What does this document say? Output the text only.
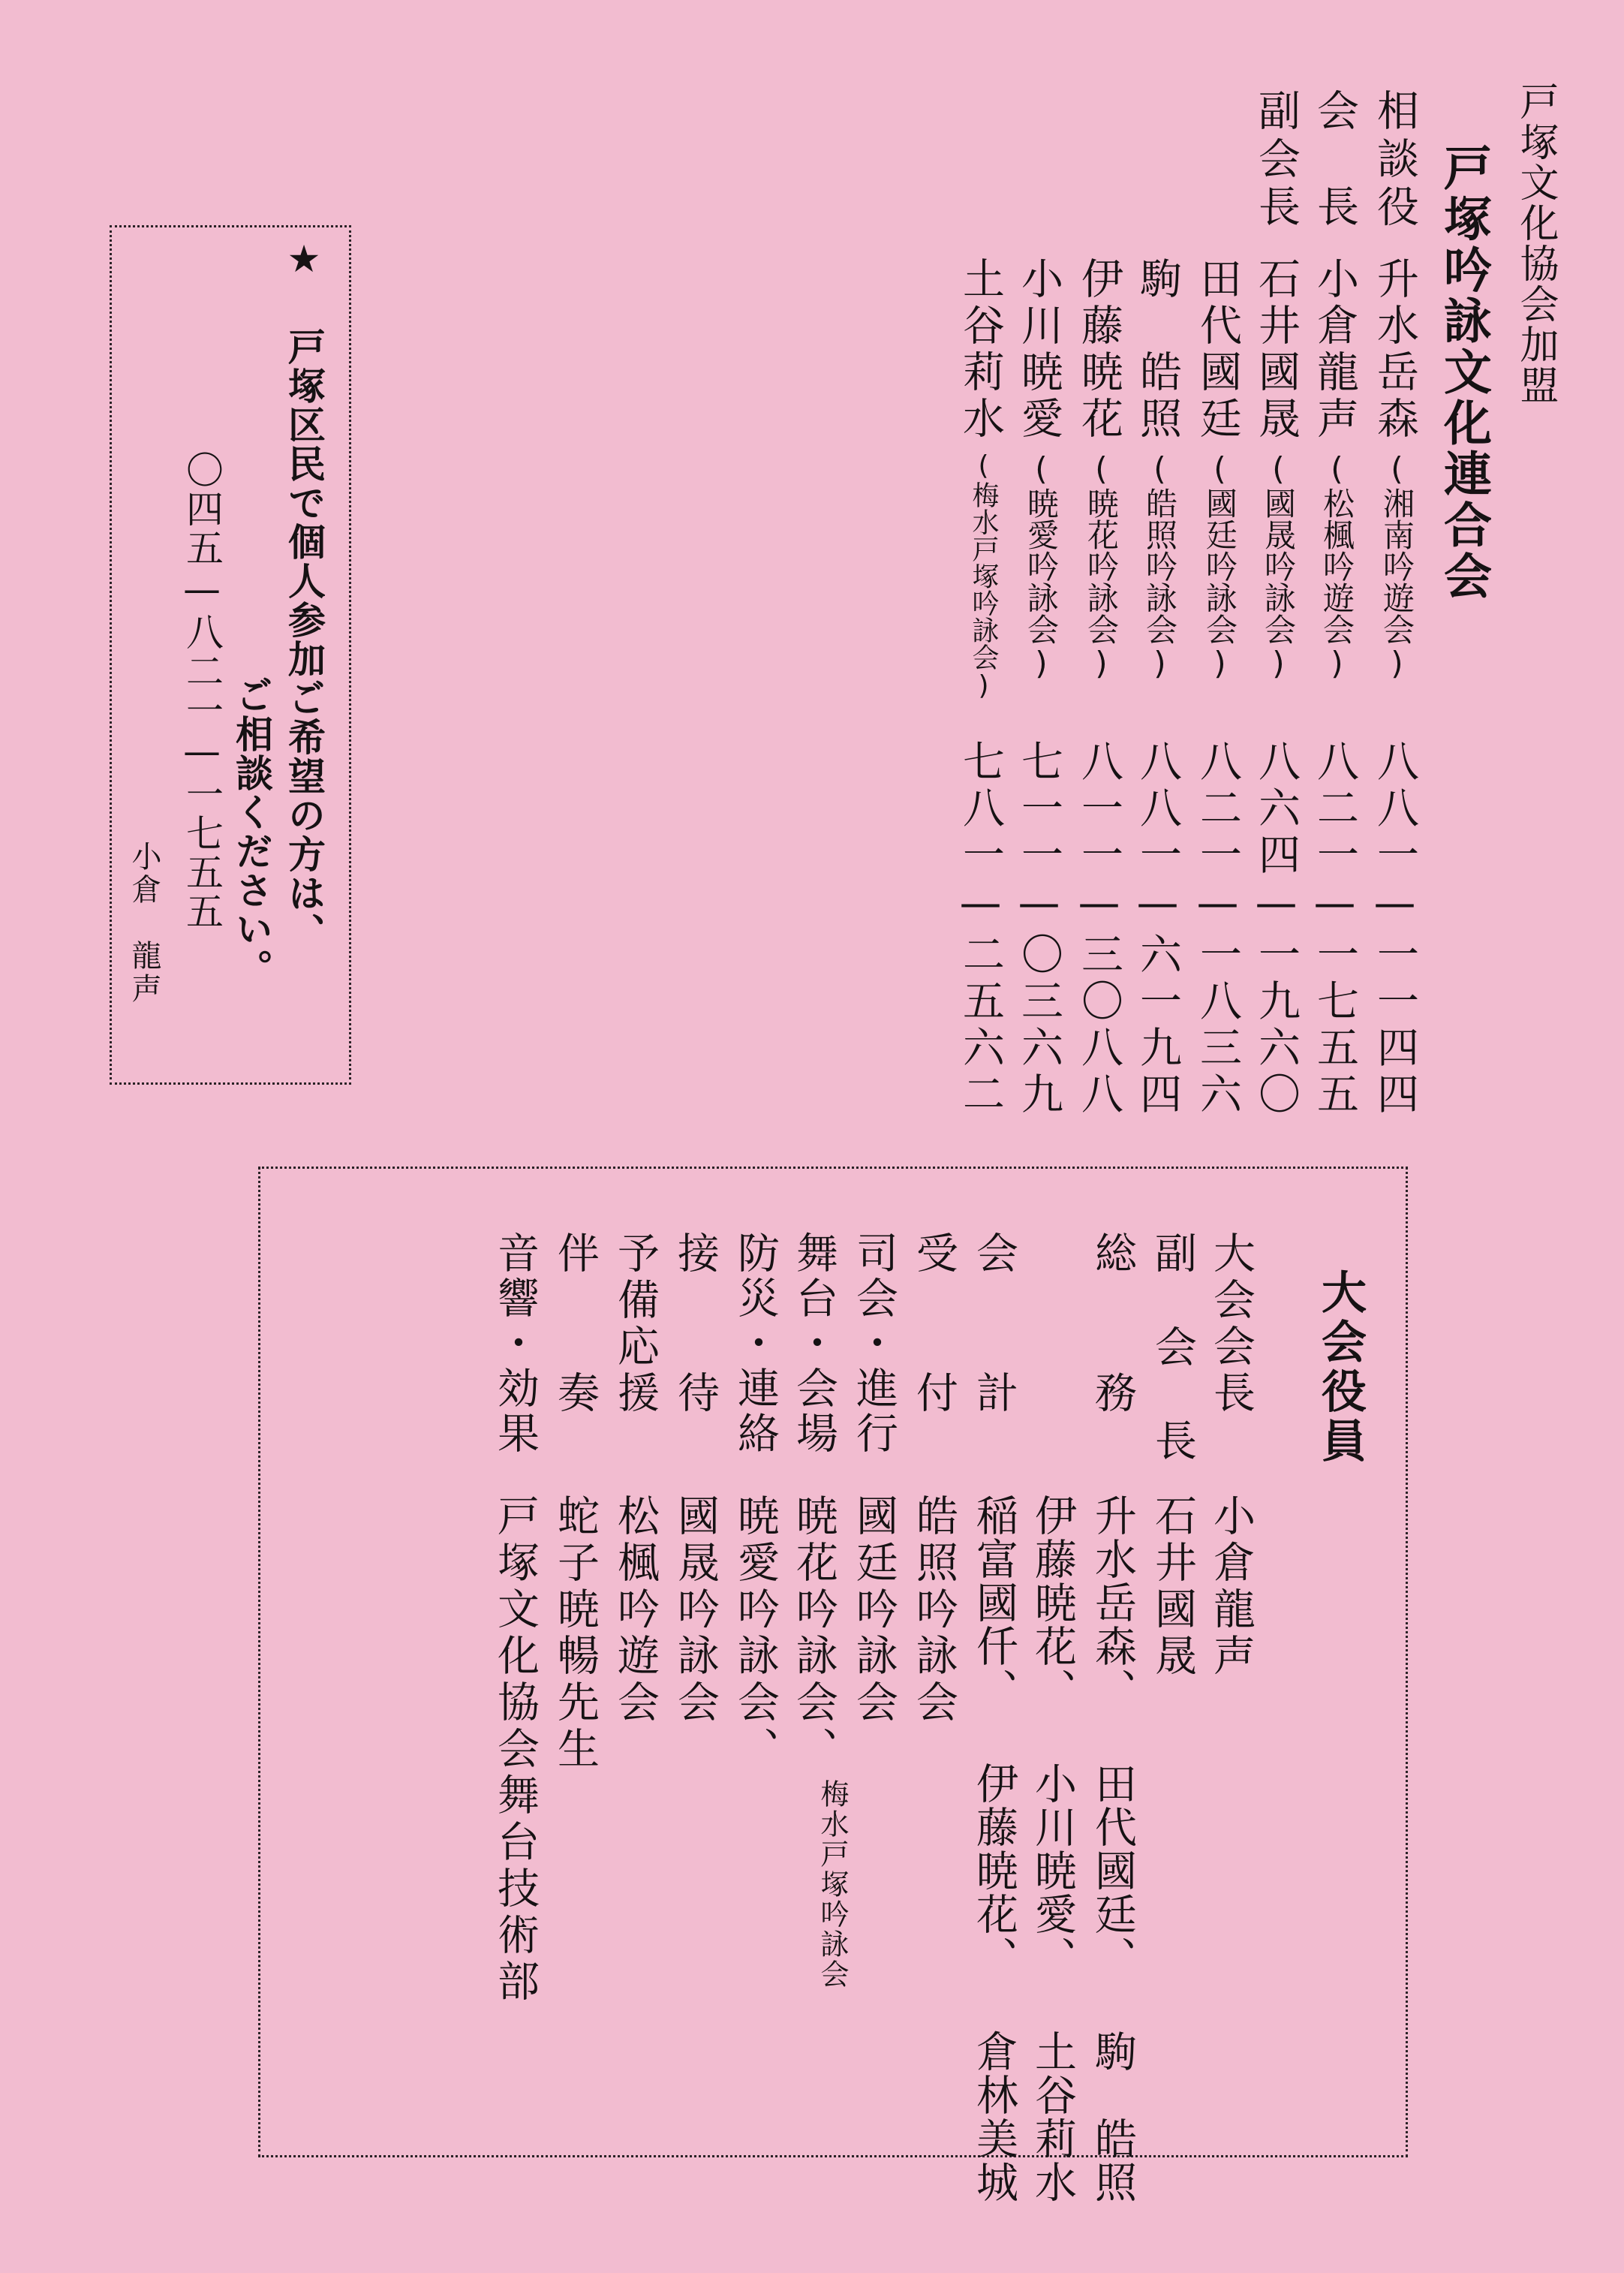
戸塚文化協会加盟
戸塚吟詠文化連合会
相談役
升水岳森
(湘南吟遊会)
八八一—一一四四
会　長
小倉龍声
(松楓吟遊会)
八二一—一七五五
副会長
石井國晟
(國晟吟詠会)
八六四—一九六〇
田代國廷
(國廷吟詠会)
八二一—一八三六
駒　皓照
(皓照吟詠会)
八八一—六一九四
伊藤暁花
(暁花吟詠会)
八一一—三〇八八
小川暁愛
(暁愛吟詠会)
七一一—〇三六九
土谷莉水
(梅水戸塚吟詠会)
七八一—二五六二
★ 戸塚区民で個人参加ご希望の方は、
ご相談ください。
〇四五—八二一—一七五五
小倉　龍声
大会役員
大会会長
小倉龍声
副 会 長
石井國晟
総　　務
升水岳森、 田代國廷、 駒　皓照
伊藤暁花、 小川暁愛、 土谷莉水
会　　計
稲富國仟、 伊藤暁花、 倉林美城
受　　付
皓照吟詠会
司会・進行
國廷吟詠会
舞台・会場
暁花吟詠会、
梅水戸塚吟詠会
防災・連絡
暁愛吟詠会、
接　　待
國晟吟詠会
予備応援
松楓吟遊会
伴　　奏
蛇子暁暢先生
音響・効果
戸塚文化協会舞台技術部
